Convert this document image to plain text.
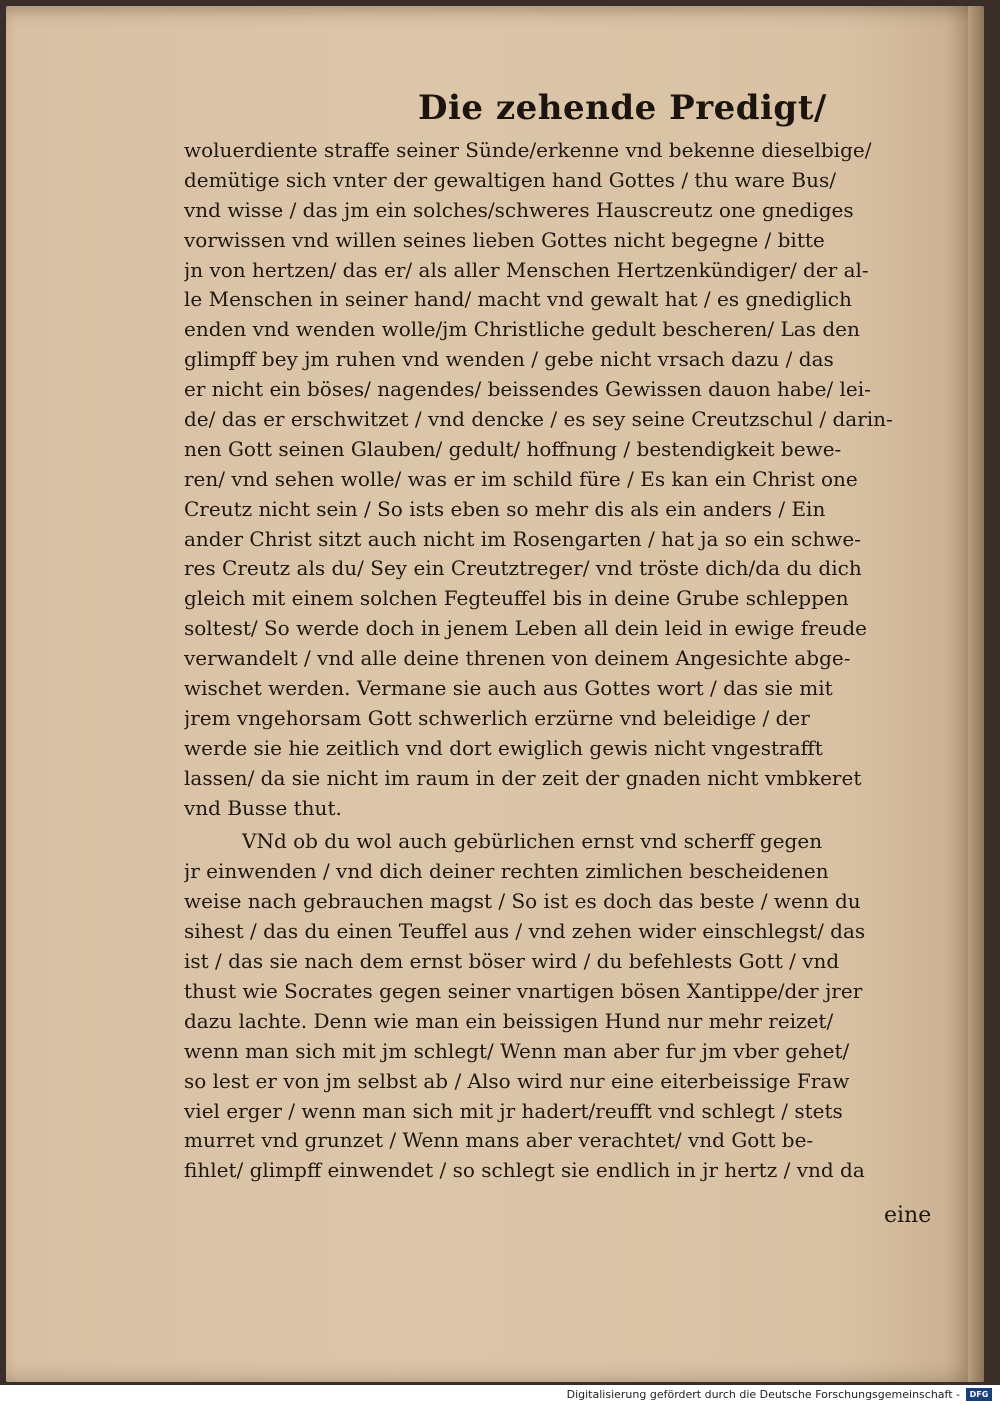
Die zehende Predigt/
woluerdiente straffe seiner Sünde/erkenne vnd bekenne dieselbige/
demütige sich vnter der gewaltigen hand Gottes / thu ware Bus/
vnd wisse / das jm ein solches/schweres Hauscreutz one gnediges
vorwissen vnd willen seines lieben Gottes nicht begegne / bitte
jn von hertzen/ das er/ als aller Menschen Hertzenkündiger/ der al-
le Menschen in seiner hand/ macht vnd gewalt hat / es gnediglich
enden vnd wenden wolle/jm Christliche gedult bescheren/ Las den
glimpff bey jm ruhen vnd wenden / gebe nicht vrsach dazu / das
er nicht ein böses/ nagendes/ beissendes Gewissen dauon habe/ lei-
de/ das er erschwitzet / vnd dencke / es sey seine Creutzschul / darin-
nen Gott seinen Glauben/ gedult/ hoffnung / bestendigkeit bewe-
ren/ vnd sehen wolle/ was er im schild füre / Es kan ein Christ one
Creutz nicht sein / So ists eben so mehr dis als ein anders / Ein
ander Christ sitzt auch nicht im Rosengarten / hat ja so ein schwe-
res Creutz als du/ Sey ein Creutztreger/ vnd tröste dich/da du dich
gleich mit einem solchen Fegteuffel bis in deine Grube schleppen
soltest/ So werde doch in jenem Leben all dein leid in ewige freude
verwandelt / vnd alle deine threnen von deinem Angesichte abge-
wischet werden. Vermane sie auch aus Gottes wort / das sie mit
jrem vngehorsam Gott schwerlich erzürne vnd beleidige / der
werde sie hie zeitlich vnd dort ewiglich gewis nicht vngestrafft
lassen/ da sie nicht im raum in der zeit der gnaden nicht vmbkeret
vnd Busse thut.
VNd ob du wol auch gebürlichen ernst vnd scherff gegen
jr einwenden / vnd dich deiner rechten zimlichen bescheidenen
weise nach gebrauchen magst / So ist es doch das beste / wenn du
sihest / das du einen Teuffel aus / vnd zehen wider einschlegst/ das
ist / das sie nach dem ernst böser wird / du befehlests Gott / vnd
thust wie Socrates gegen seiner vnartigen bösen Xantippe/der jrer
dazu lachte. Denn wie man ein beissigen Hund nur mehr reizet/
wenn man sich mit jm schlegt/ Wenn man aber fur jm vber gehet/
so lest er von jm selbst ab / Also wird nur eine eiterbeissige Fraw
viel erger / wenn man sich mit jr hadert/reufft vnd schlegt / stets
murret vnd grunzet / Wenn mans aber verachtet/ vnd Gott be-
fihlet/ glimpff einwendet / so schlegt sie endlich in jr hertz / vnd da
eine
Digitalisierung gefördert durch die Deutsche Forschungsgemeinschaft -	DFG
